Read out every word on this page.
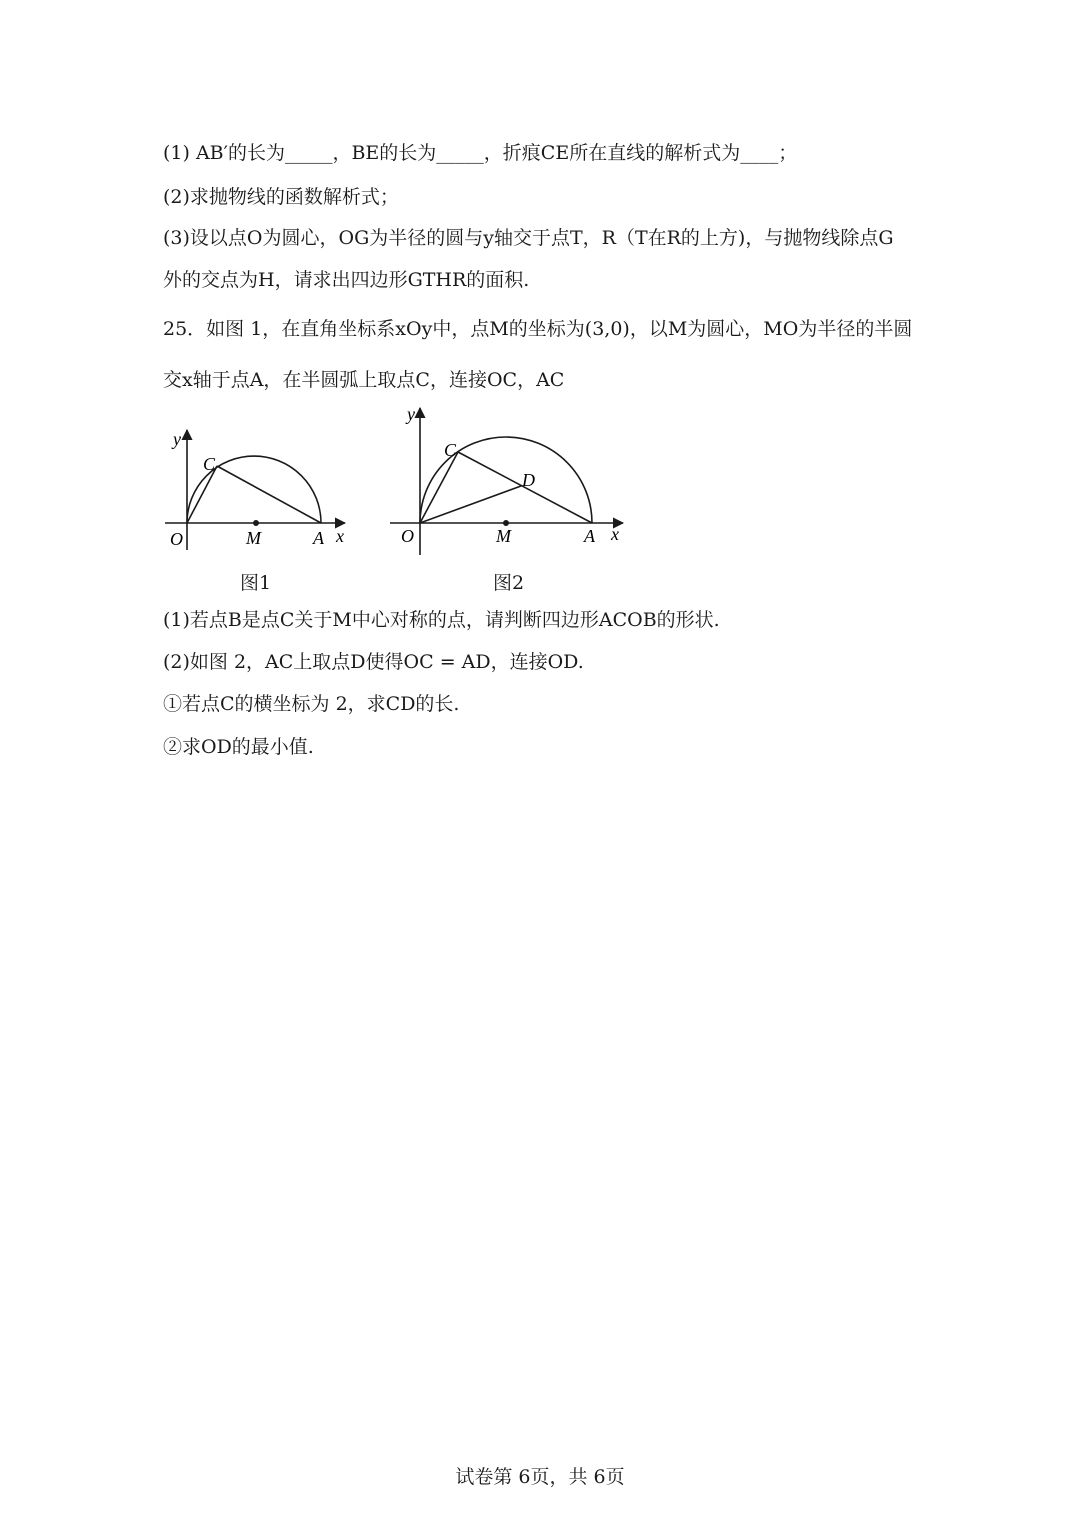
(1) AB′的长为_____，BE的长为_____，折痕CE所在直线的解析式为____；
(2)求抛物线的函数解析式；
(3)设以点O为圆心，OG为半径的圆与y轴交于点T，R（T在R的上方)，与抛物线除点G
外的交点为H，请求出四边形GTHR的面积.
25．如图 1，在直角坐标系xOy中，点M的坐标为(3,0)，以M为圆心，MO为半径的半圆
交x轴于点A，在半圆弧上取点C，连接OC，AC
y
C
O	M	A x
图1
y
C
D
O	M	A x
图2
(1)若点B是点C关于M中心对称的点，请判断四边形ACOB的形状.
(2)如图 2，AC上取点D使得OC = AD，连接OD.
①若点C的横坐标为 2，求CD的长.
②求OD的最小值.
试卷第 6页，共 6页
